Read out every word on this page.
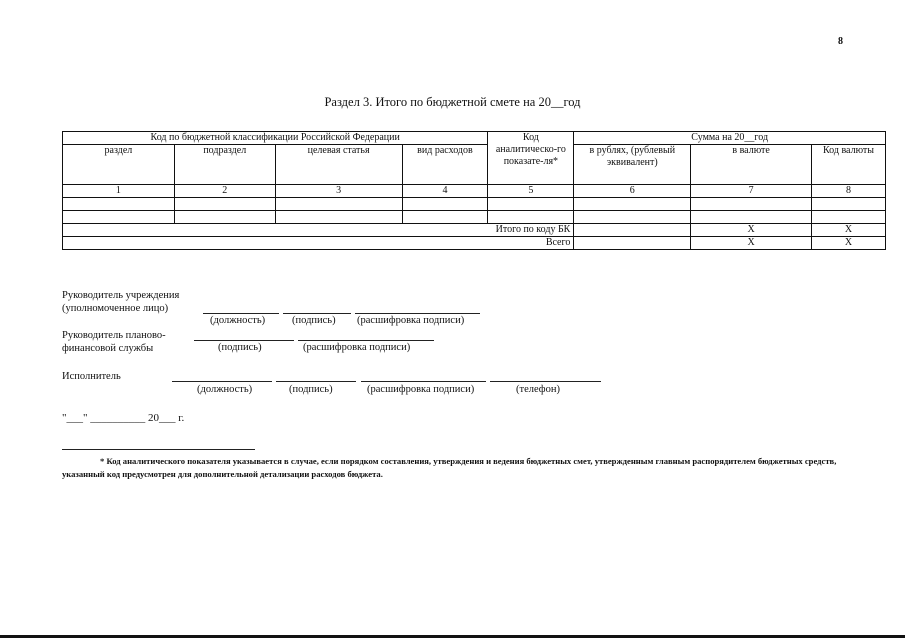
8
Раздел 3. Итого по бюджетной смете на 20__год
Код по бюджетной классификации Российской Федерации				Код аналитическо-го показате-ля*	Сумма на 20__год		
раздел	подраздел	целевая статья	вид расходов		в рублях, (рублевый эквивалент)	в валюте	Код валюты
1	2	3	4	5	6	7	8

Итого по коду БК						X	X
Всего						X	X
Руководитель учреждения
(уполномоченное лицо)
(должность)	(подпись) (расшифровка подписи)
Руководитель планово-
финансовой службы	(подпись)	(расшифровка подписи)
Исполнитель
(должность)	(подпись)	(расшифровка подписи)	(телефон)
"___" __________ 20___ г.
* Код аналитического показателя указывается в случае, если порядком составления, утверждения и ведения бюджетных смет, утвержденным главным распорядителем бюджетных средств, указанный код предусмотрен для дополнительной детализации расходов бюджета.
